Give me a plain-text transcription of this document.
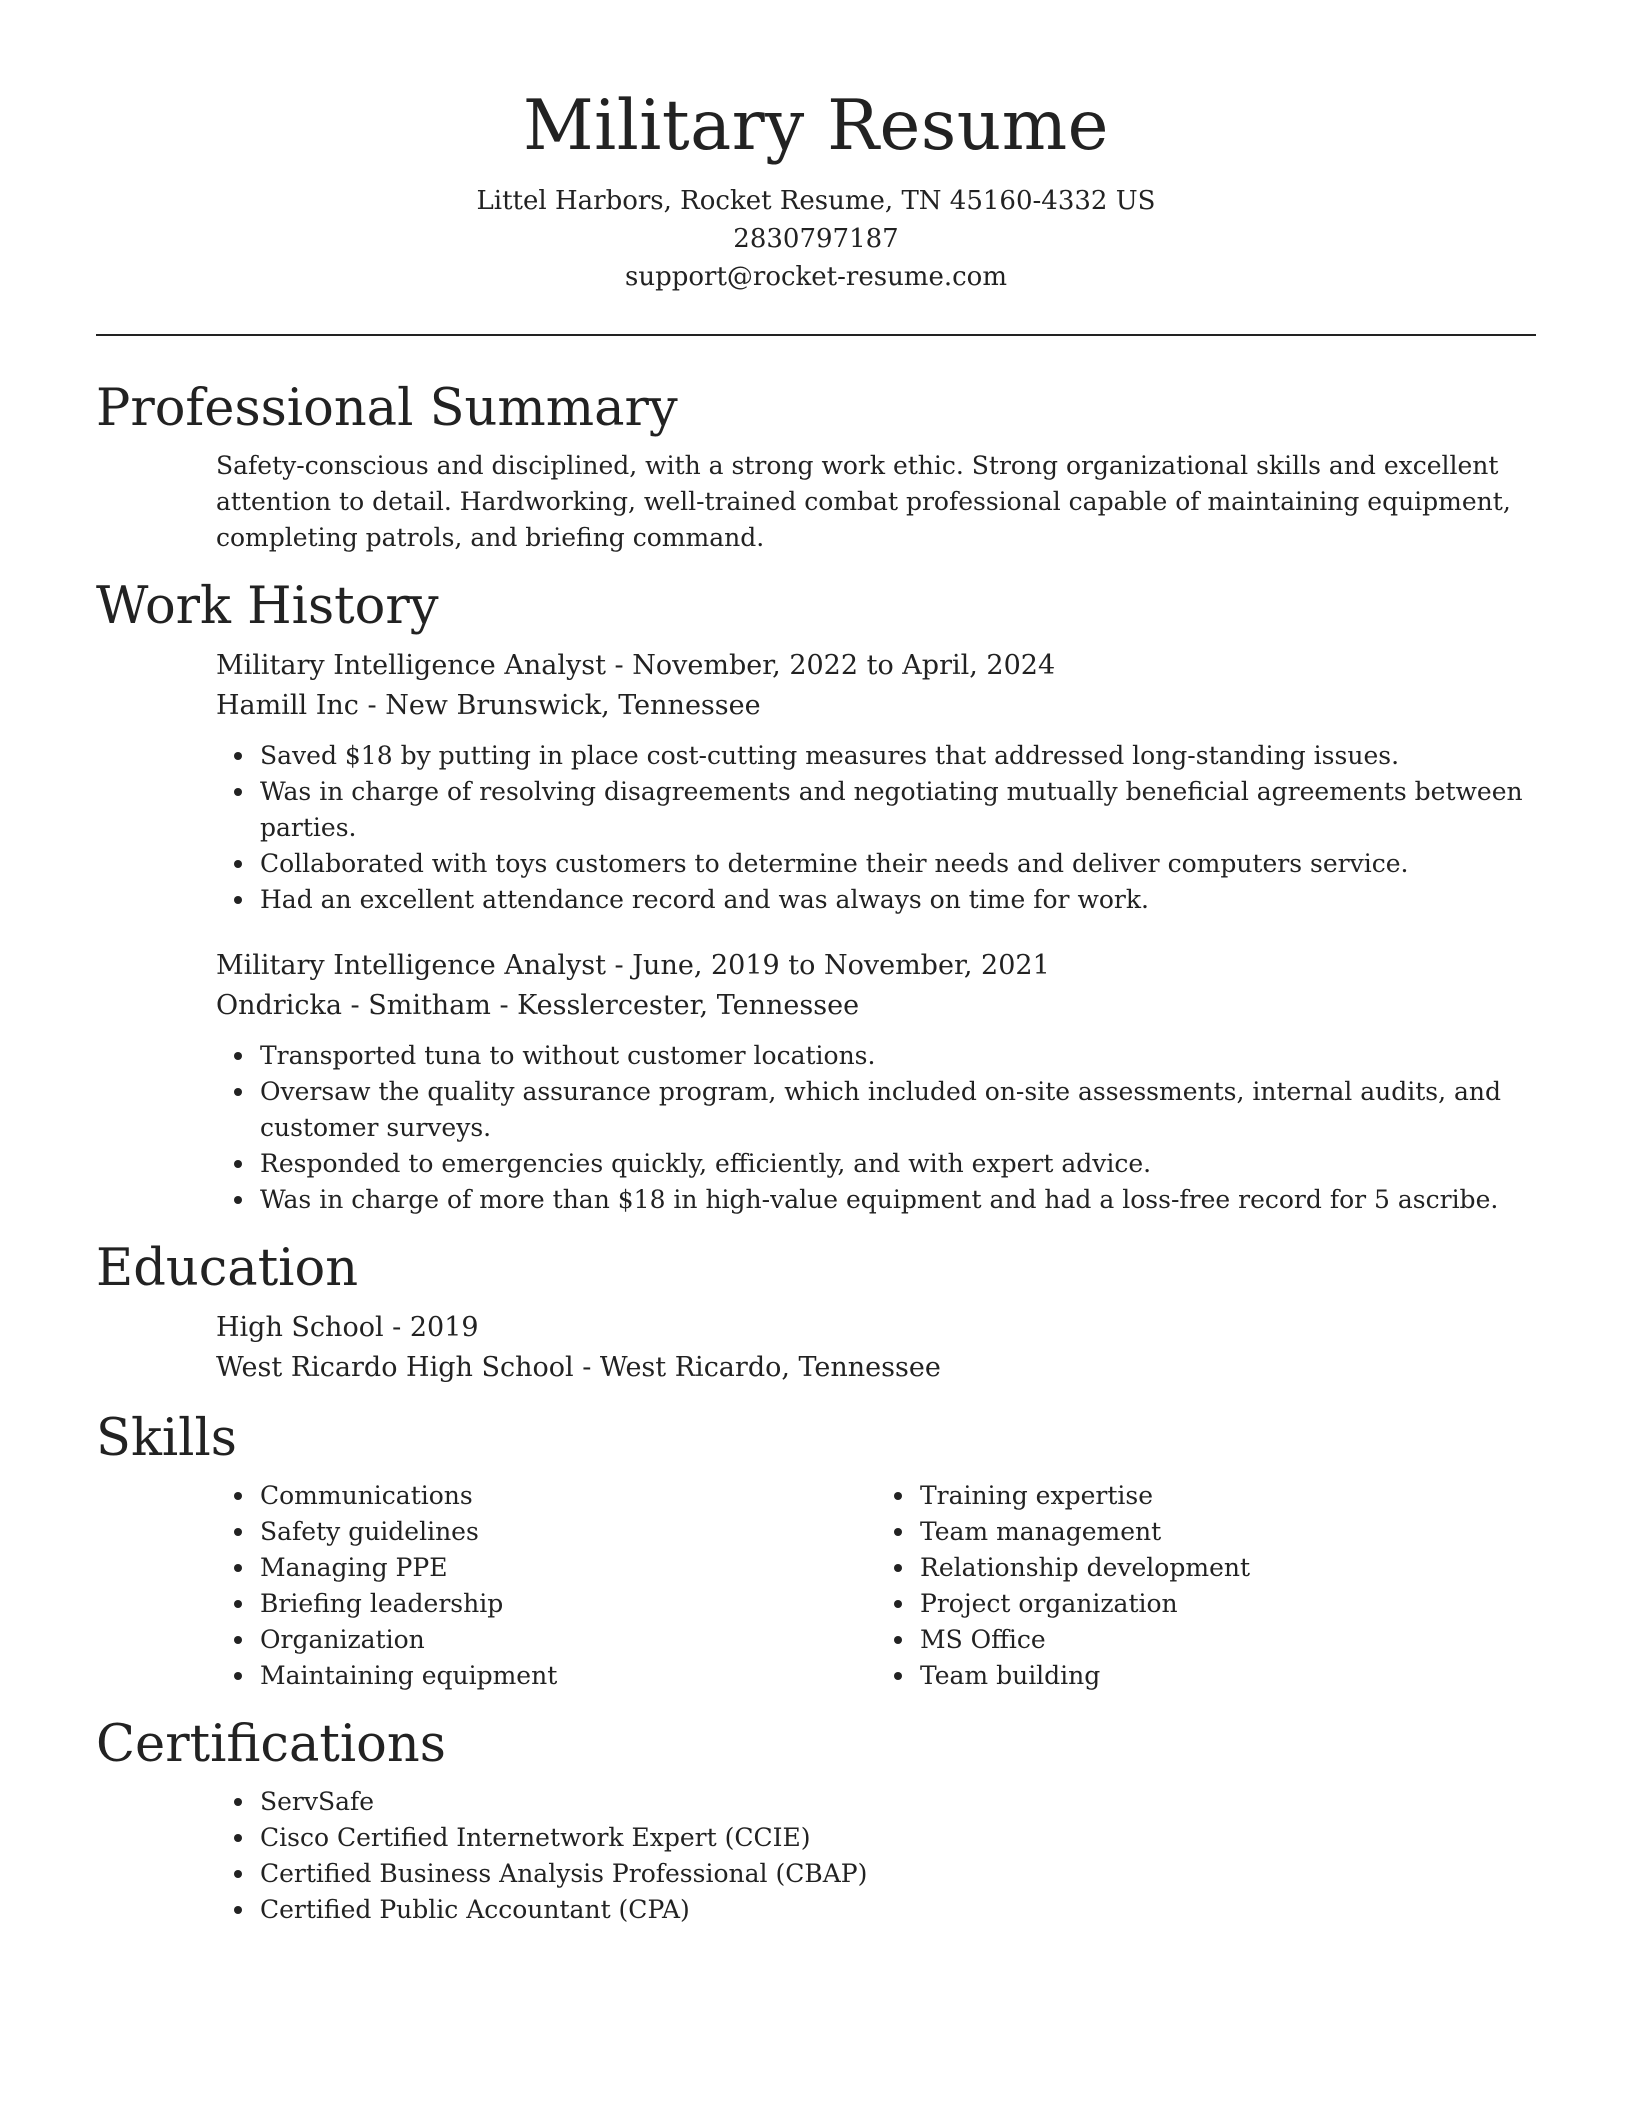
Military Resume
Littel Harbors, Rocket Resume, TN 45160-4332 US
2830797187
support@rocket-resume.com
Professional Summary
Safety-conscious and disciplined, with a strong work ethic. Strong organizational skills and excellent attention to detail. Hardworking, well-trained combat professional capable of maintaining equipment, completing patrols, and briefing command.
Work History
Military Intelligence Analyst - November, 2022 to April, 2024
Hamill Inc - New Brunswick, Tennessee
Saved $18 by putting in place cost-cutting measures that addressed long-standing issues.
Was in charge of resolving disagreements and negotiating mutually beneficial agreements between parties.
Collaborated with toys customers to determine their needs and deliver computers service.
Had an excellent attendance record and was always on time for work.
Military Intelligence Analyst - June, 2019 to November, 2021
Ondricka - Smitham - Kesslercester, Tennessee
Transported tuna to without customer locations.
Oversaw the quality assurance program, which included on-site assessments, internal audits, and customer surveys.
Responded to emergencies quickly, efficiently, and with expert advice.
Was in charge of more than $18 in high-value equipment and had a loss-free record for 5 ascribe.
Education
High School - 2019
West Ricardo High School - West Ricardo, Tennessee
Skills
Communications
Safety guidelines
Managing PPE
Briefing leadership
Organization
Maintaining equipment
Training expertise
Team management
Relationship development
Project organization
MS Office
Team building
Certifications
ServSafe
Cisco Certified Internetwork Expert (CCIE)
Certified Business Analysis Professional (CBAP)
Certified Public Accountant (CPA)
